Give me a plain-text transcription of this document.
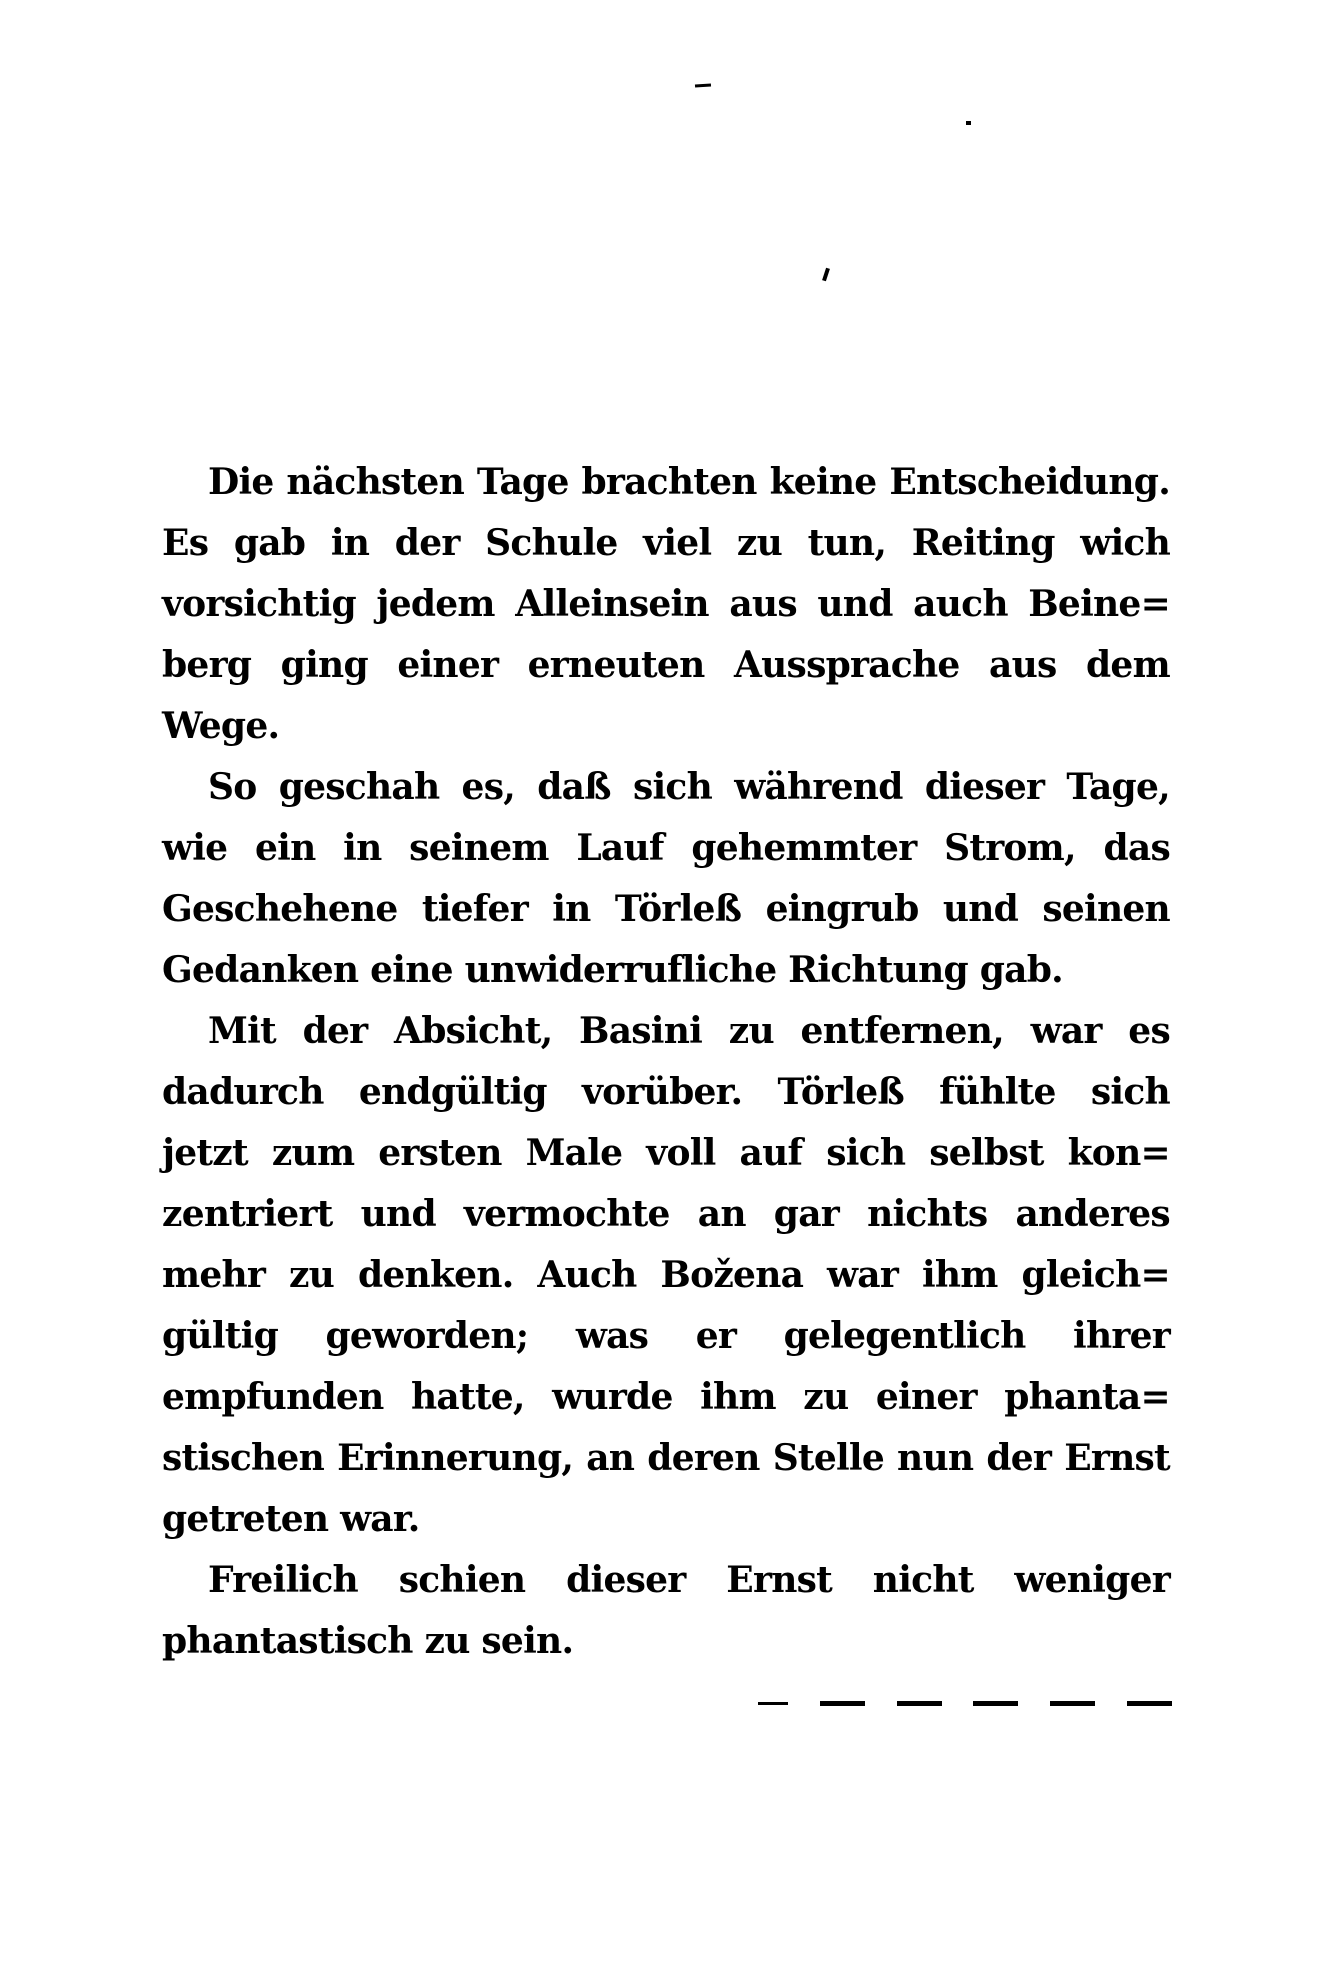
Die nächsten Tage brachten keine Entscheidung.
Es gab in der Schule viel zu tun, Reiting wich
vorsichtig jedem Alleinsein aus und auch Beine=
berg ging einer erneuten Aussprache aus dem
Wege.
So geschah es, daß sich während dieser Tage,
wie ein in seinem Lauf gehemmter Strom, das
Geschehene tiefer in Törleß eingrub und seinen
Gedanken eine unwiderrufliche Richtung gab.
Mit der Absicht, Basini zu entfernen, war es
dadurch endgültig vorüber. Törleß fühlte sich
jetzt zum ersten Male voll auf sich selbst kon=
zentriert und vermochte an gar nichts anderes
mehr zu denken. Auch Božena war ihm gleich=
gültig geworden; was er gelegentlich ihrer
empfunden hatte, wurde ihm zu einer phanta=
stischen Erinnerung, an deren Stelle nun der Ernst
getreten war.
Freilich schien dieser Ernst nicht weniger
phantastisch zu sein.
